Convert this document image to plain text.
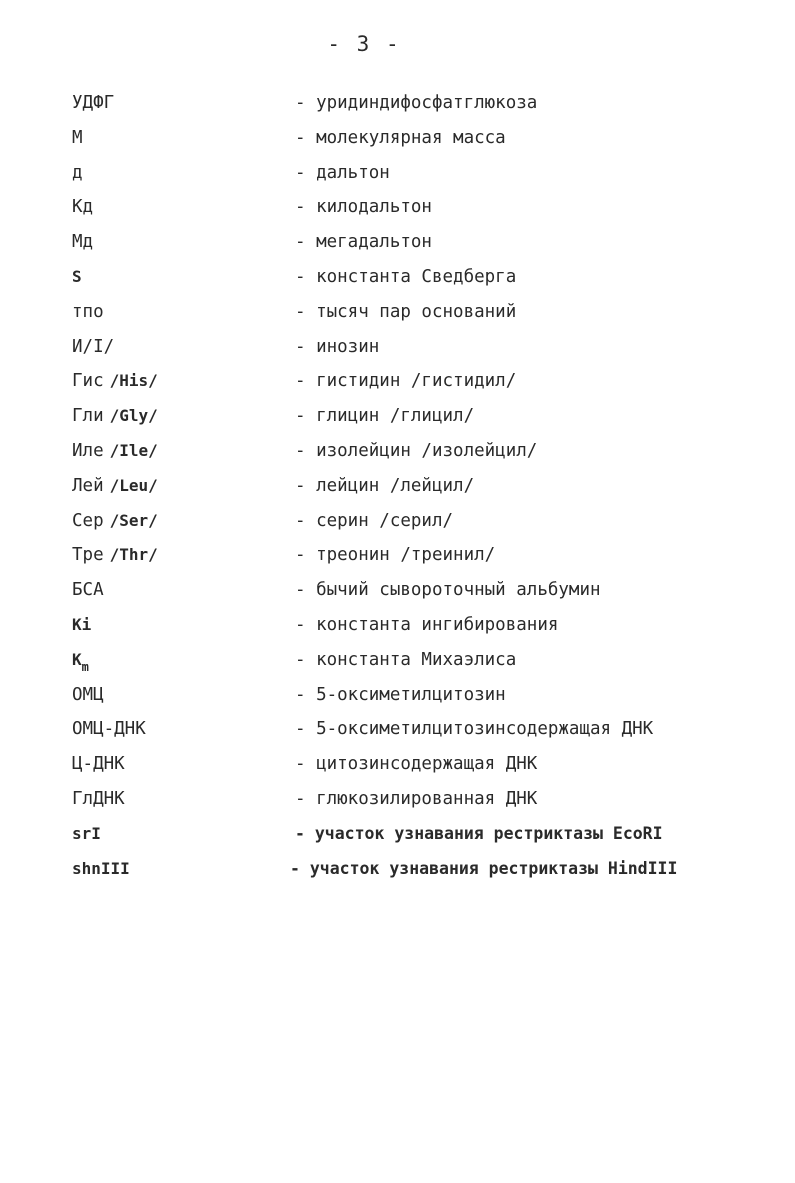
- 3 -
УДФГ	- уридиндифосфатглюкоза
М	- молекулярная масса
д	- дальтон
Кд	- килодальтон
Мд	- мегадальтон
S	- константа Сведберга
тпо	- тысяч пар оснований
И/I/	- инозин
Гис /His/	- гистидин /гистидил/
Гли /Gly/	- глицин /глицил/
Иле /Ile/	- изолейцин /изолейцил/
Лей /Leu/	- лейцин /лейцил/
Сер /Ser/	- серин /серил/
Тре /Thr/	- треонин /треинил/
БСА	- бычий сывороточный альбумин
Ki	- константа ингибирования
$K_m$	- константа Михаэлиса
ОМЦ	- 5-оксиметилцитозин
ОМЦ-ДНК	- 5-оксиметилцитозинсодержащая ДНК
Ц-ДНК	- цитозинсодержащая ДНК
ГлДНК	- глюкозилированная ДНК
srI	- участок узнавания рестриктазы EcoRI
shnIII	- участок узнавания рестриктазы HindIII
